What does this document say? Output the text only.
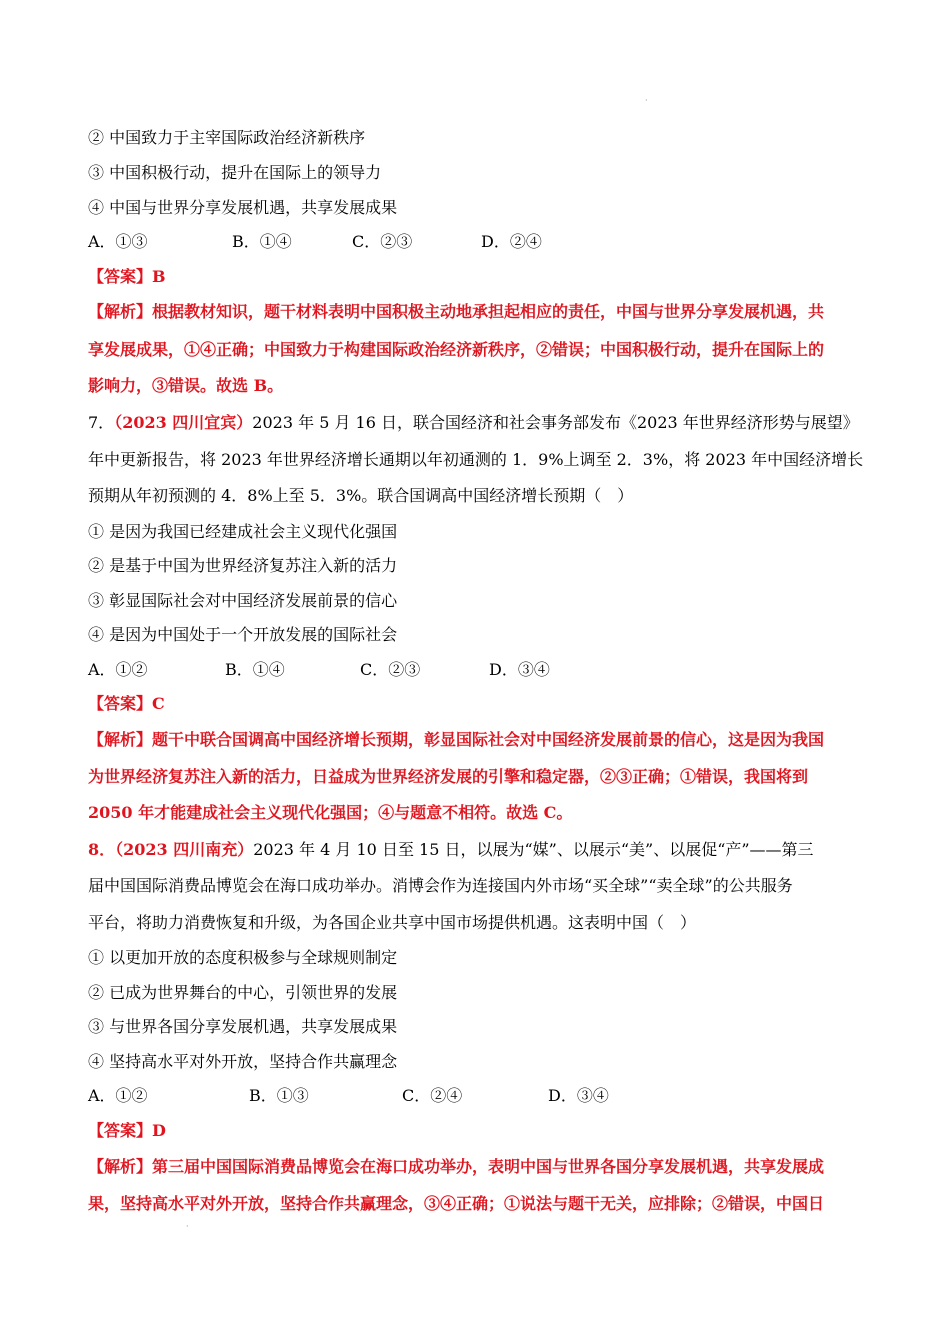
·
② 中国致力于主宰国际政治经济新秩序
③ 中国积极行动，提升在国际上的领导力
④ 中国与世界分享发展机遇，共享发展成果
A．①③	B．①④	C．②③	D．②④
【答案】B
【解析】根据教材知识，题干材料表明中国积极主动地承担起相应的责任，中国与世界分享发展机遇，共
享发展成果，①④正确；中国致力于构建国际政治经济新秩序，②错误；中国积极行动，提升在国际上的
影响力，③错误。故选 B。
7．（2023 四川宜宾）2023 年 5 月 16 日，联合国经济和社会事务部发布《2023 年世界经济形势与展望》
年中更新报告，将 2023 年世界经济增长通期以年初通测的 1．9%上调至 2．3%，将 2023 年中国经济增长
预期从年初预测的 4．8%上至 5．3%。联合国调高中国经济增长预期（　）
① 是因为我国已经建成社会主义现代化强国
② 是基于中国为世界经济复苏注入新的活力
③ 彰显国际社会对中国经济发展前景的信心
④ 是因为中国处于一个开放发展的国际社会
A．①②	B．①④	C．②③	D．③④
【答案】C
【解析】题干中联合国调高中国经济增长预期，彰显国际社会对中国经济发展前景的信心，这是因为我国
为世界经济复苏注入新的活力，日益成为世界经济发展的引擎和稳定器，②③正确；①错误，我国将到
2050 年才能建成社会主义现代化强国；④与题意不相符。故选 C。
8．（2023 四川南充）2023 年 4 月 10 日至 15 日，以展为“媒”、以展示“美”、以展促“产”——第三
届中国国际消费品博览会在海口成功举办。消博会作为连接国内外市场“买全球”“卖全球”的公共服务
平台，将助力消费恢复和升级，为各国企业共享中国市场提供机遇。这表明中国（　）
① 以更加开放的态度积极参与全球规则制定
② 已成为世界舞台的中心，引领世界的发展
③ 与世界各国分享发展机遇，共享发展成果
④ 坚持高水平对外开放，坚持合作共赢理念
A．①②	B．①③	C．②④	D．③④
【答案】D
【解析】第三届中国国际消费品博览会在海口成功举办，表明中国与世界各国分享发展机遇，共享发展成
果，坚持高水平对外开放，坚持合作共赢理念，③④正确；①说法与题干无关，应排除；②错误，中国日
·
